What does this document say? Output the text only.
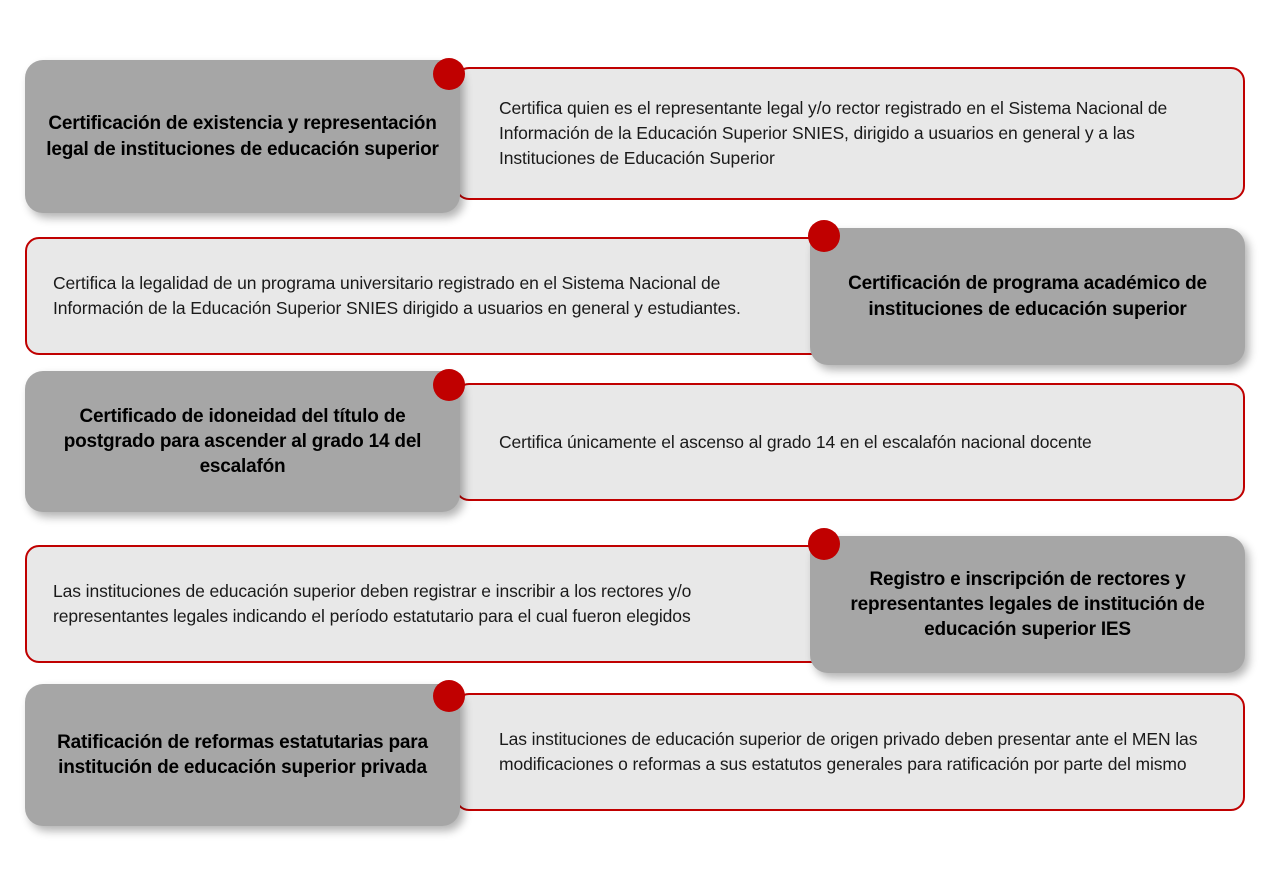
Certifica quien es el representante legal y/o rector registrado en el Sistema Nacional de Información de la Educación Superior SNIES, dirigido a usuarios en general y a las Instituciones de Educación Superior
Certificación de existencia y representación legal de instituciones de educación superior
Certifica la legalidad de un programa universitario registrado en el Sistema Nacional de Información de la Educación Superior SNIES dirigido a usuarios en general y estudiantes.
Certificación de programa académico de instituciones de educación superior
Certifica únicamente el ascenso al grado 14 en el escalafón nacional docente
Certificado de idoneidad del título de postgrado para ascender al grado 14 del escalafón
Las instituciones de educación superior deben registrar e inscribir a los rectores y/o representantes legales indicando el período estatutario para el cual fueron elegidos
Registro e inscripción de rectores y representantes legales de institución de educación superior IES
Las instituciones de educación superior de origen privado deben presentar ante el MEN las modificaciones o reformas a sus estatutos generales para ratificación por parte del mismo
Ratificación de reformas estatutarias para institución de educación superior privada
